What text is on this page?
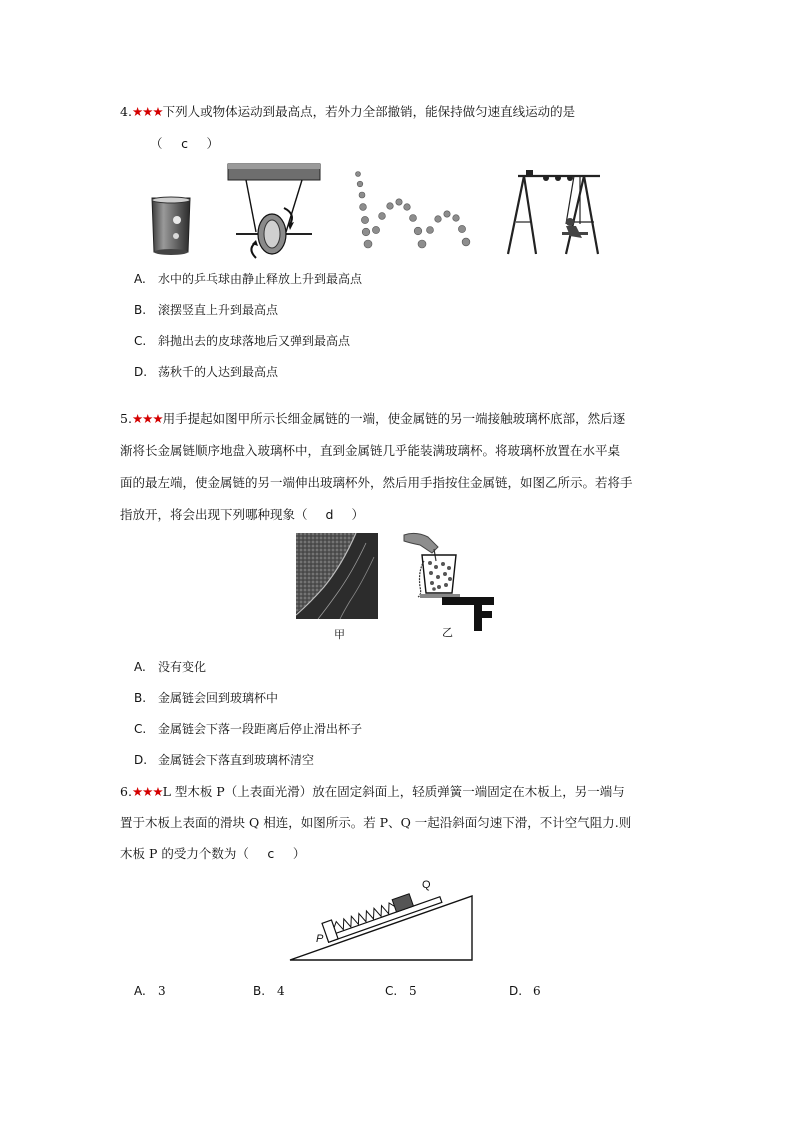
4.★★★下列人或物体运动到最高点，若外力全部撤销，能保持做匀速直线运动的是
（ c ）
A. 水中的乒乓球由静止释放上升到最高点
B. 滚摆竖直上升到最高点
C. 斜抛出去的皮球落地后又弹到最高点
D. 荡秋千的人达到最高点
5.★★★用手提起如图甲所示长细金属链的一端，使金属链的另一端接触玻璃杯底部，然后逐
渐将长金属链顺序地盘入玻璃杯中，直到金属链几乎能装满玻璃杯。将玻璃杯放置在水平桌
面的最左端，使金属链的另一端伸出玻璃杯外，然后用手指按住金属链，如图乙所示。若将手
指放开，将会出现下列哪种现象（ d ）
甲	乙
A. 没有变化
B. 金属链会回到玻璃杯中
C. 金属链会下落一段距离后停止滑出杯子
D. 金属链会下落直到玻璃杯清空
6.★★★L 型木板 P（上表面光滑）放在固定斜面上，轻质弹簧一端固定在木板上，另一端与
置于木板上表面的滑块 Q 相连，如图所示。若 P、Q 一起沿斜面匀速下滑，不计空气阻力.则
木板 P 的受力个数为（ c ）
P
Q
A. 3	B. 4	C. 5	D. 6
